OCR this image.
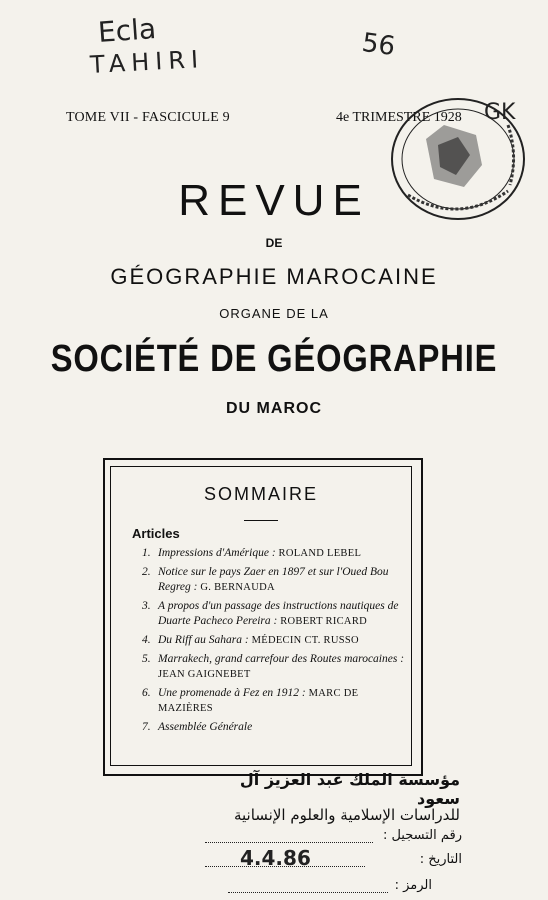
Ecla
TAHIRI	56
GK
TOME VII - FASCICULE 9	4e TRIMESTRE 1928
REVUE
DE
GÉOGRAPHIE MAROCAINE
ORGANE DE LA
SOCIÉTÉ DE GÉOGRAPHIE
DU MAROC
SOMMAIRE
Articles
1. Impressions d'Amérique : ROLAND LEBEL
2. Notice sur le pays Zaer en 1897 et sur l'Oued Bou Regreg : G. BERNAUDA
3. A propos d'un passage des instructions nautiques de Duarte Pacheco Pereira : ROBERT RICARD
4. Du Riff au Sahara : MÉDECIN CT. RUSSO
5. Marrakech, grand carrefour des Routes marocaines : JEAN GAIGNEBET
6. Une promenade à Fez en 1912 : MARC DE MAZIÈRES
7. Assemblée Générale
مؤسسة الملك عبد العزيز آل سعود
للدراسات الإسلامية والعلوم الإنسانية
رقم التسجيل :
التاريخ :
4.4.86
الرمز :
